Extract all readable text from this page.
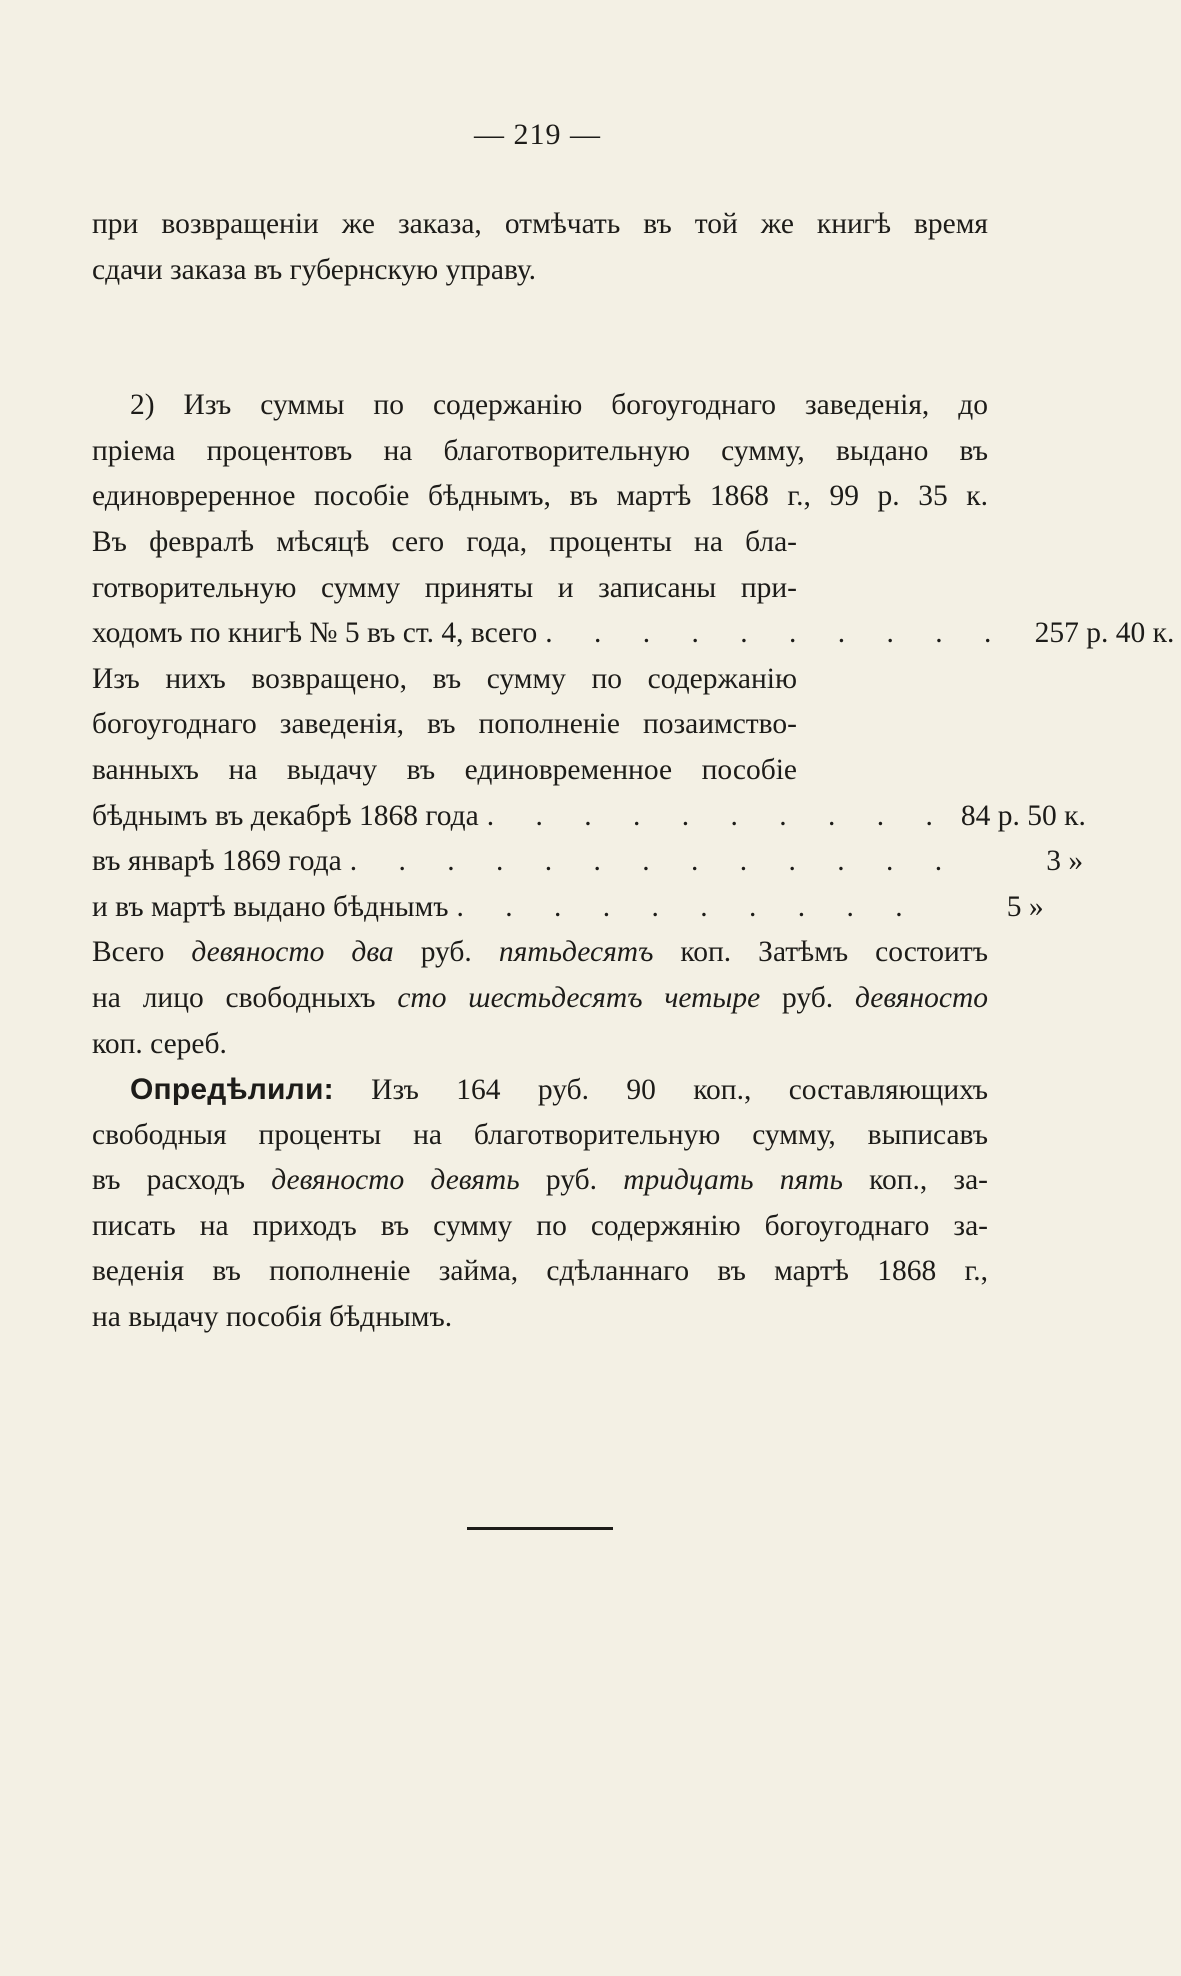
— 219 —
при возвращеніи же заказа, отмѣчать въ той же книгѣ время
сдачи заказа въ губернскую управу.
2) Изъ суммы по содержанію богоугоднаго заведенія, до
пріема процентовъ на благотворительную сумму, выдано въ
единовреренное пособіе бѣднымъ, въ мартѣ 1868 г., 99 р. 35 к.
Въ февралѣ мѣсяцѣ сего года, проценты на бла-
готворительную сумму приняты и записаны при-
ходомъ по книгѣ № 5 въ ст. 4, всего . . . . . . . . . . 257 р. 40 к.
Изъ нихъ возвращено, въ сумму по содержанію
богоугоднаго заведенія, въ пополненіе позаимство-
ванныхъ на выдачу въ единовременное пособіе
бѣднымъ въ декабрѣ 1868 года . . . . . . . . . . 84 р. 50 к.
въ январѣ 1869 года . . . . . . . . . . . . .	3 »
и въ мартѣ выдано бѣднымъ . . . . . . . . . .	5 »
Всего девяносто два руб. пятьдесятъ коп. Затѣмъ состоитъ
на лицо свободныхъ сто шестьдесятъ четыре руб. девяносто
коп. сереб.
Опредѣлили: Изъ 164 руб. 90 коп., составляющихъ
свободныя проценты на благотворительную сумму, выписавъ
въ расходъ девяносто девять руб. тридцать пять коп., за-
писать на приходъ въ сумму по содержянію богоугоднаго за-
веденія въ пополненіе займа, сдѣланнаго въ мартѣ 1868 г.,
на выдачу пособія бѣднымъ.
